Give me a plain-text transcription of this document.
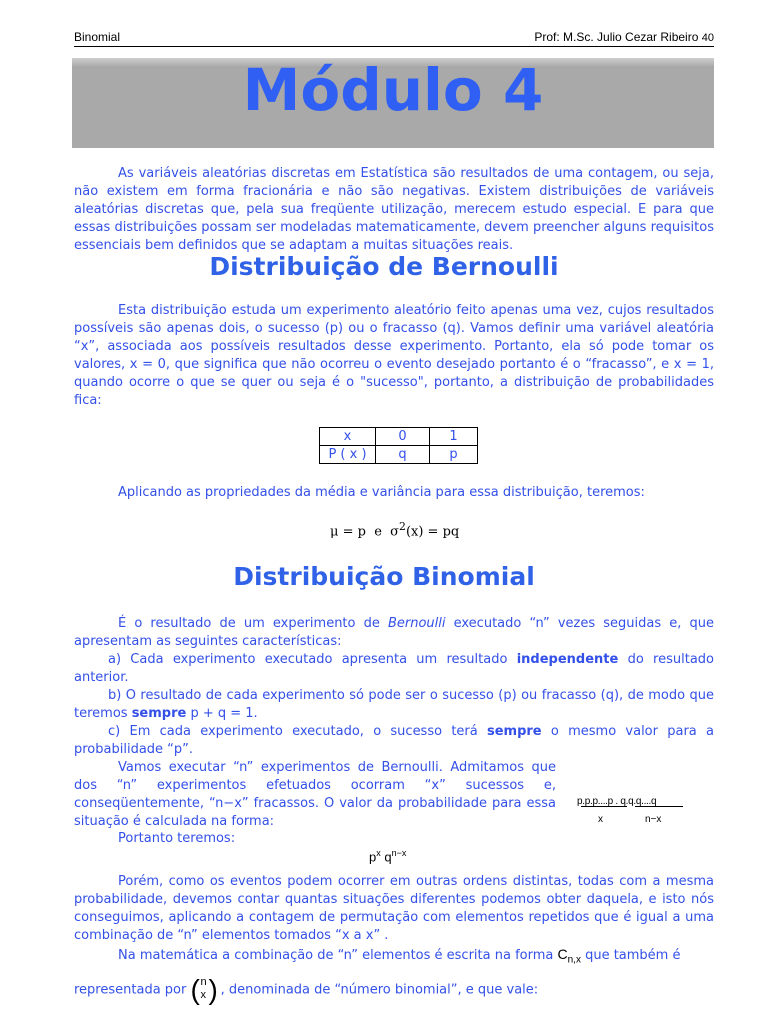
Binomial	Prof: M.Sc. Julio Cezar Ribeiro 40
Módulo 4

As variáveis aleatórias discretas em Estatística são resultados de uma contagem, ou seja, não existem em forma fracionária e não são negativas. Existem distribuições de variáveis aleatórias discretas que, pela sua freqüente utilização, merecem estudo especial. E para que essas distribuições possam ser modeladas matematicamente, devem preencher alguns requisitos essenciais bem definidos que se adaptam a muitas situações reais.

Distribuição de Bernoulli

Esta distribuição estuda um experimento aleatório feito apenas uma vez, cujos resultados possíveis são apenas dois, o sucesso (p) ou o fracasso (q). Vamos definir uma variável aleatória “x”, associada aos possíveis resultados desse experimento. Portanto, ela só pode tomar os valores, x = 0, que significa que não ocorreu o evento desejado portanto é o “fracasso”, e x = 1, quando ocorre o que se quer ou seja é o "sucesso", portanto, a distribuição de probabilidades fica:

x	0	1
P ( x )	q	p

Aplicando as propriedades da média e variância para essa distribuição, teremos:

μ = p e $\sigma^2(x)$ = pq
Distribuição Binomial

É o resultado de um experimento de Bernoulli executado “n” vezes seguidas e, que apresentam as seguintes características:

a) Cada experimento executado apresenta um resultado independente do resultado anterior.

b) O resultado de cada experimento só pode ser o sucesso (p) ou fracasso (q), de modo que teremos sempre p + q = 1.

c) Em cada experimento executado, o sucesso terá sempre o mesmo valor para a probabilidade “p”.

Vamos executar “n” experimentos de Bernoulli. Admitamos que dos “n” experimentos efetuados ocorram “x” sucessos e, conseqüentemente, “n−x” fracassos. O valor da probabilidade para essa situação é calculada na forma:

p.p.p....p . q.q.q....q
x	n−x

Portanto teremos:

$p^x$ $q^{n-x}$

Porém, como os eventos podem ocorrer em outras ordens distintas, todas com a mesma probabilidade, devemos contar quantas situações diferentes podemos obter daquela, e isto nós conseguimos, aplicando a contagem de permutação com elementos repetidos que é igual a uma combinação de “n” elementos tomados “x a x” .

Na matemática a combinação de “n” elementos é escrita na forma $C_{n,x}$ que também é

representada por ( n
x )
, denominada de “número binomial”, e que vale:
